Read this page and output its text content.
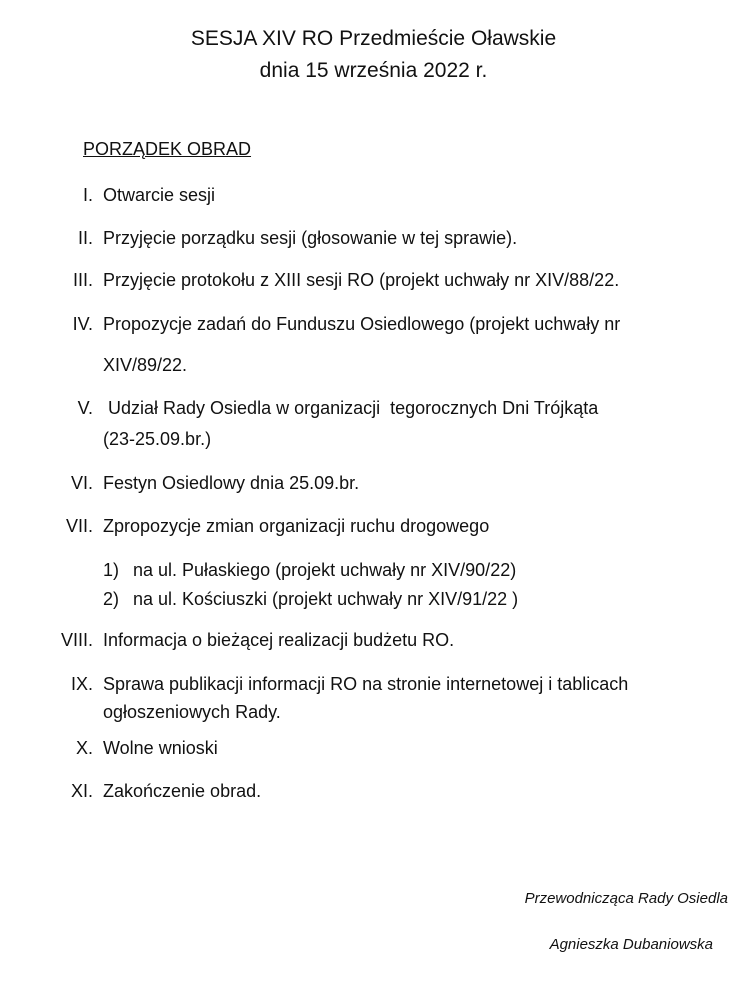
SESJA XIV RO Przedmieście Oławskie
dnia 15 września 2022 r.
PORZĄDEK OBRAD
I. Otwarcie sesji
II. Przyjęcie porządku sesji (głosowanie w tej sprawie).
III. Przyjęcie protokołu z XIII sesji RO (projekt uchwały nr XIV/88/22.
IV. Propozycje zadań do Funduszu Osiedlowego (projekt uchwały nr
XIV/89/22.
V. Udział Rady Osiedla w organizacji  tegorocznych Dni Trójkąta
(23-25.09.br.)
VI. Festyn Osiedlowy dnia 25.09.br.
VII. Zpropozycje zmian organizacji ruchu drogowego
1) na ul. Pułaskiego (projekt uchwały nr XIV/90/22)
2) na ul. Kościuszki (projekt uchwały nr XIV/91/22 )
VIII. Informacja o bieżącej realizacji budżetu RO.
IX. Sprawa publikacji informacji RO na stronie internetowej i tablicach
ogłoszeniowych Rady.
X. Wolne wnioski
XI. Zakończenie obrad.
Przewodnicząca Rady Osiedla
Agnieszka Dubaniowska
